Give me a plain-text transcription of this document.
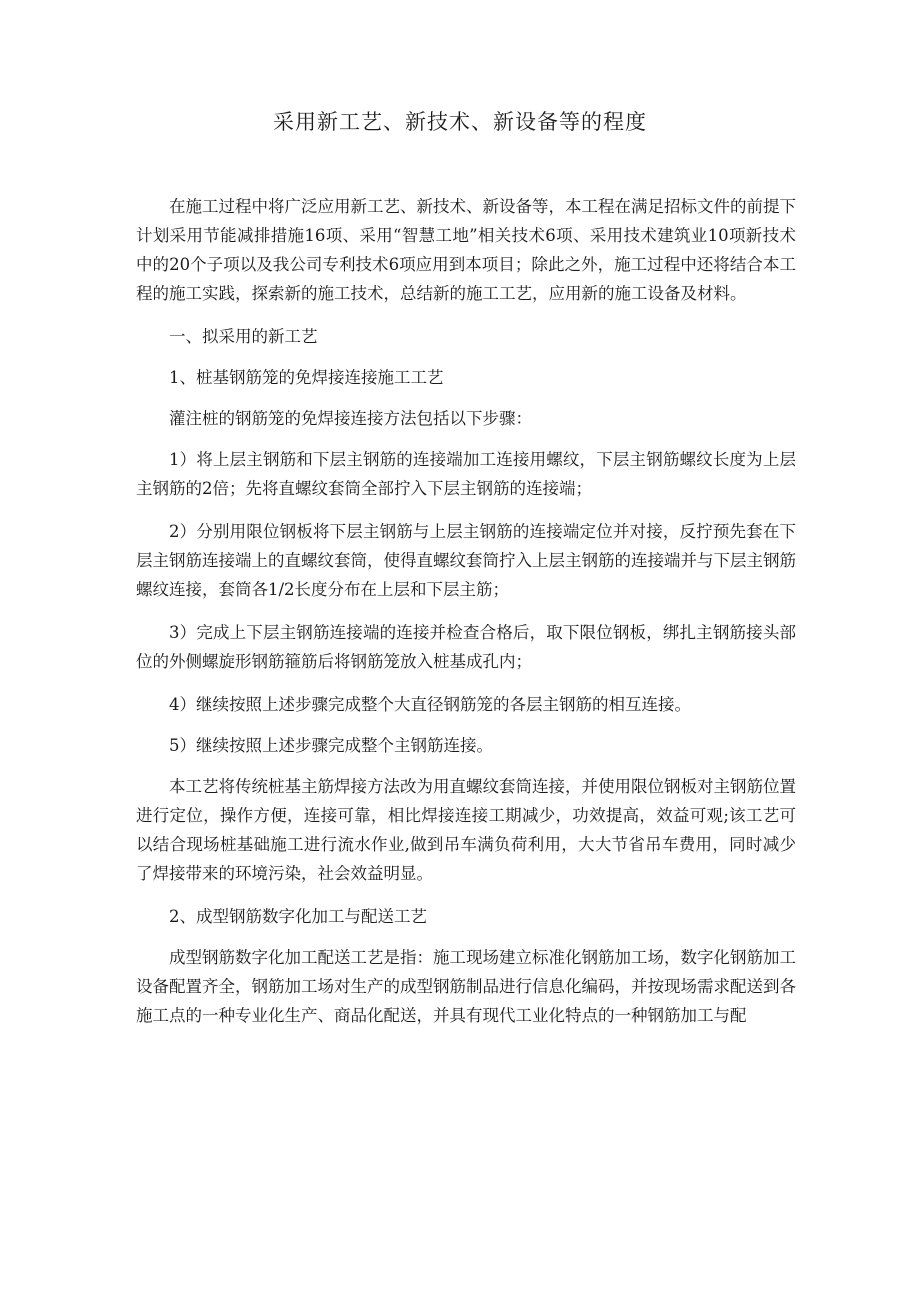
采用新工艺、新技术、新设备等的程度

在施工过程中将广泛应用新工艺、新技术、新设备等，本工程在满足招标文件的前提下计划采用节能减排措施16项、采用“智慧工地”相关技术6项、采用技术建筑业10项新技术中的20个子项以及我公司专利技术6项应用到本项目；除此之外，施工过程中还将结合本工程的施工实践，探索新的施工技术，总结新的施工工艺，应用新的施工设备及材料。

一、拟采用的新工艺

1、桩基钢筋笼的免焊接连接施工工艺

灌注桩的钢筋笼的免焊接连接方法包括以下步骤：

1）将上层主钢筋和下层主钢筋的连接端加工连接用螺纹，下层主钢筋螺纹长度为上层主钢筋的2倍；先将直螺纹套筒全部拧入下层主钢筋的连接端；

2）分别用限位钢板将下层主钢筋与上层主钢筋的连接端定位并对接，反拧预先套在下层主钢筋连接端上的直螺纹套筒，使得直螺纹套筒拧入上层主钢筋的连接端并与下层主钢筋螺纹连接，套筒各1/2长度分布在上层和下层主筋；

3）完成上下层主钢筋连接端的连接并检查合格后，取下限位钢板，绑扎主钢筋接头部位的外侧螺旋形钢筋箍筋后将钢筋笼放入桩基成孔内；

4）继续按照上述步骤完成整个大直径钢筋笼的各层主钢筋的相互连接。

5）继续按照上述步骤完成整个主钢筋连接。

本工艺将传统桩基主筋焊接方法改为用直螺纹套筒连接，并使用限位钢板对主钢筋位置进行定位，操作方便，连接可靠，相比焊接连接工期减少，功效提高，效益可观;该工艺可以结合现场桩基础施工进行流水作业,做到吊车满负荷利用，大大节省吊车费用，同时减少了焊接带来的环境污染，社会效益明显。

2、成型钢筋数字化加工与配送工艺

成型钢筋数字化加工配送工艺是指：施工现场建立标准化钢筋加工场，数字化钢筋加工设备配置齐全，钢筋加工场对生产的成型钢筋制品进行信息化编码，并按现场需求配送到各施工点的一种专业化生产、商品化配送，并具有现代工业化特点的一种钢筋加工与配
